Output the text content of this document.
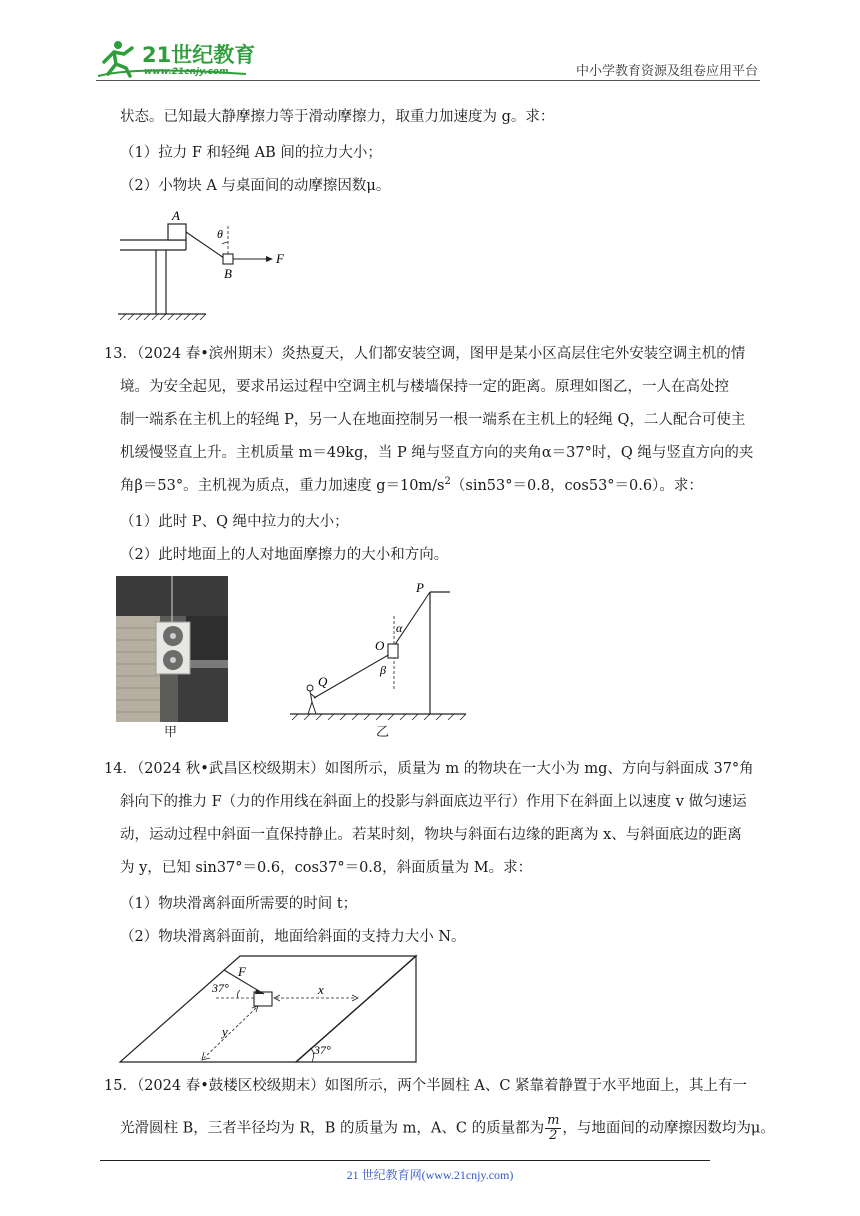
21世纪教育
www.21cnjy.com	中小学教育资源及组卷应用平台
状态。已知最大静摩擦力等于滑动摩擦力，取重力加速度为 g。求：
（1）拉力 F 和轻绳 AB 间的拉力大小；
（2）小物块 A 与桌面间的动摩擦因数μ。
A
B
θ
F
13．（2024 春•滨州期末）炎热夏天，人们都安装空调，图甲是某小区高层住宅外安装空调主机的情
境。为安全起见，要求吊运过程中空调主机与楼墙保持一定的距离。原理如图乙，一人在高处控
制一端系在主机上的轻绳 P，另一人在地面控制另一根一端系在主机上的轻绳 Q，二人配合可使主
机缓慢竖直上升。主机质量 m＝49kg，当 P 绳与竖直方向的夹角α＝37°时，Q 绳与竖直方向的夹
角β＝53°。主机视为质点，重力加速度 $g=10m/s^2(\sin 53^\circ=0.8$，cos53°＝0.6）。求：
（1）此时 P、Q 绳中拉力的大小；
（2）此时地面上的人对地面摩擦力的大小和方向。
甲
P
O
Q
α
β
乙
14．（2024 秋•武昌区校级期末）如图所示，质量为 m 的物块在一大小为 mg、方向与斜面成 37°角
斜向下的推力 F（力的作用线在斜面上的投影与斜面底边平行）作用下在斜面上以速度 v 做匀速运
动，运动过程中斜面一直保持静止。若某时刻，物块与斜面右边缘的距离为 x、与斜面底边的距离
为 y，已知 sin37°＝0.6，cos37°＝0.8，斜面质量为 M。求：
（1）物块滑离斜面所需要的时间 t；
（2）物块滑离斜面前，地面给斜面的支持力大小 N。
F
37°	x
y
37°
15．（2024 春•鼓楼区校级期末）如图所示，两个半圆柱 A、C 紧靠着静置于水平地面上，其上有一
光滑圆柱 B，三者半径均为 R，B 的质量为 m，A、C 的质量都为 $\frac{m}{2}$ ，与地面间的动摩擦因数均为μ。
21 世纪教育网(www.21cnjy.com)
